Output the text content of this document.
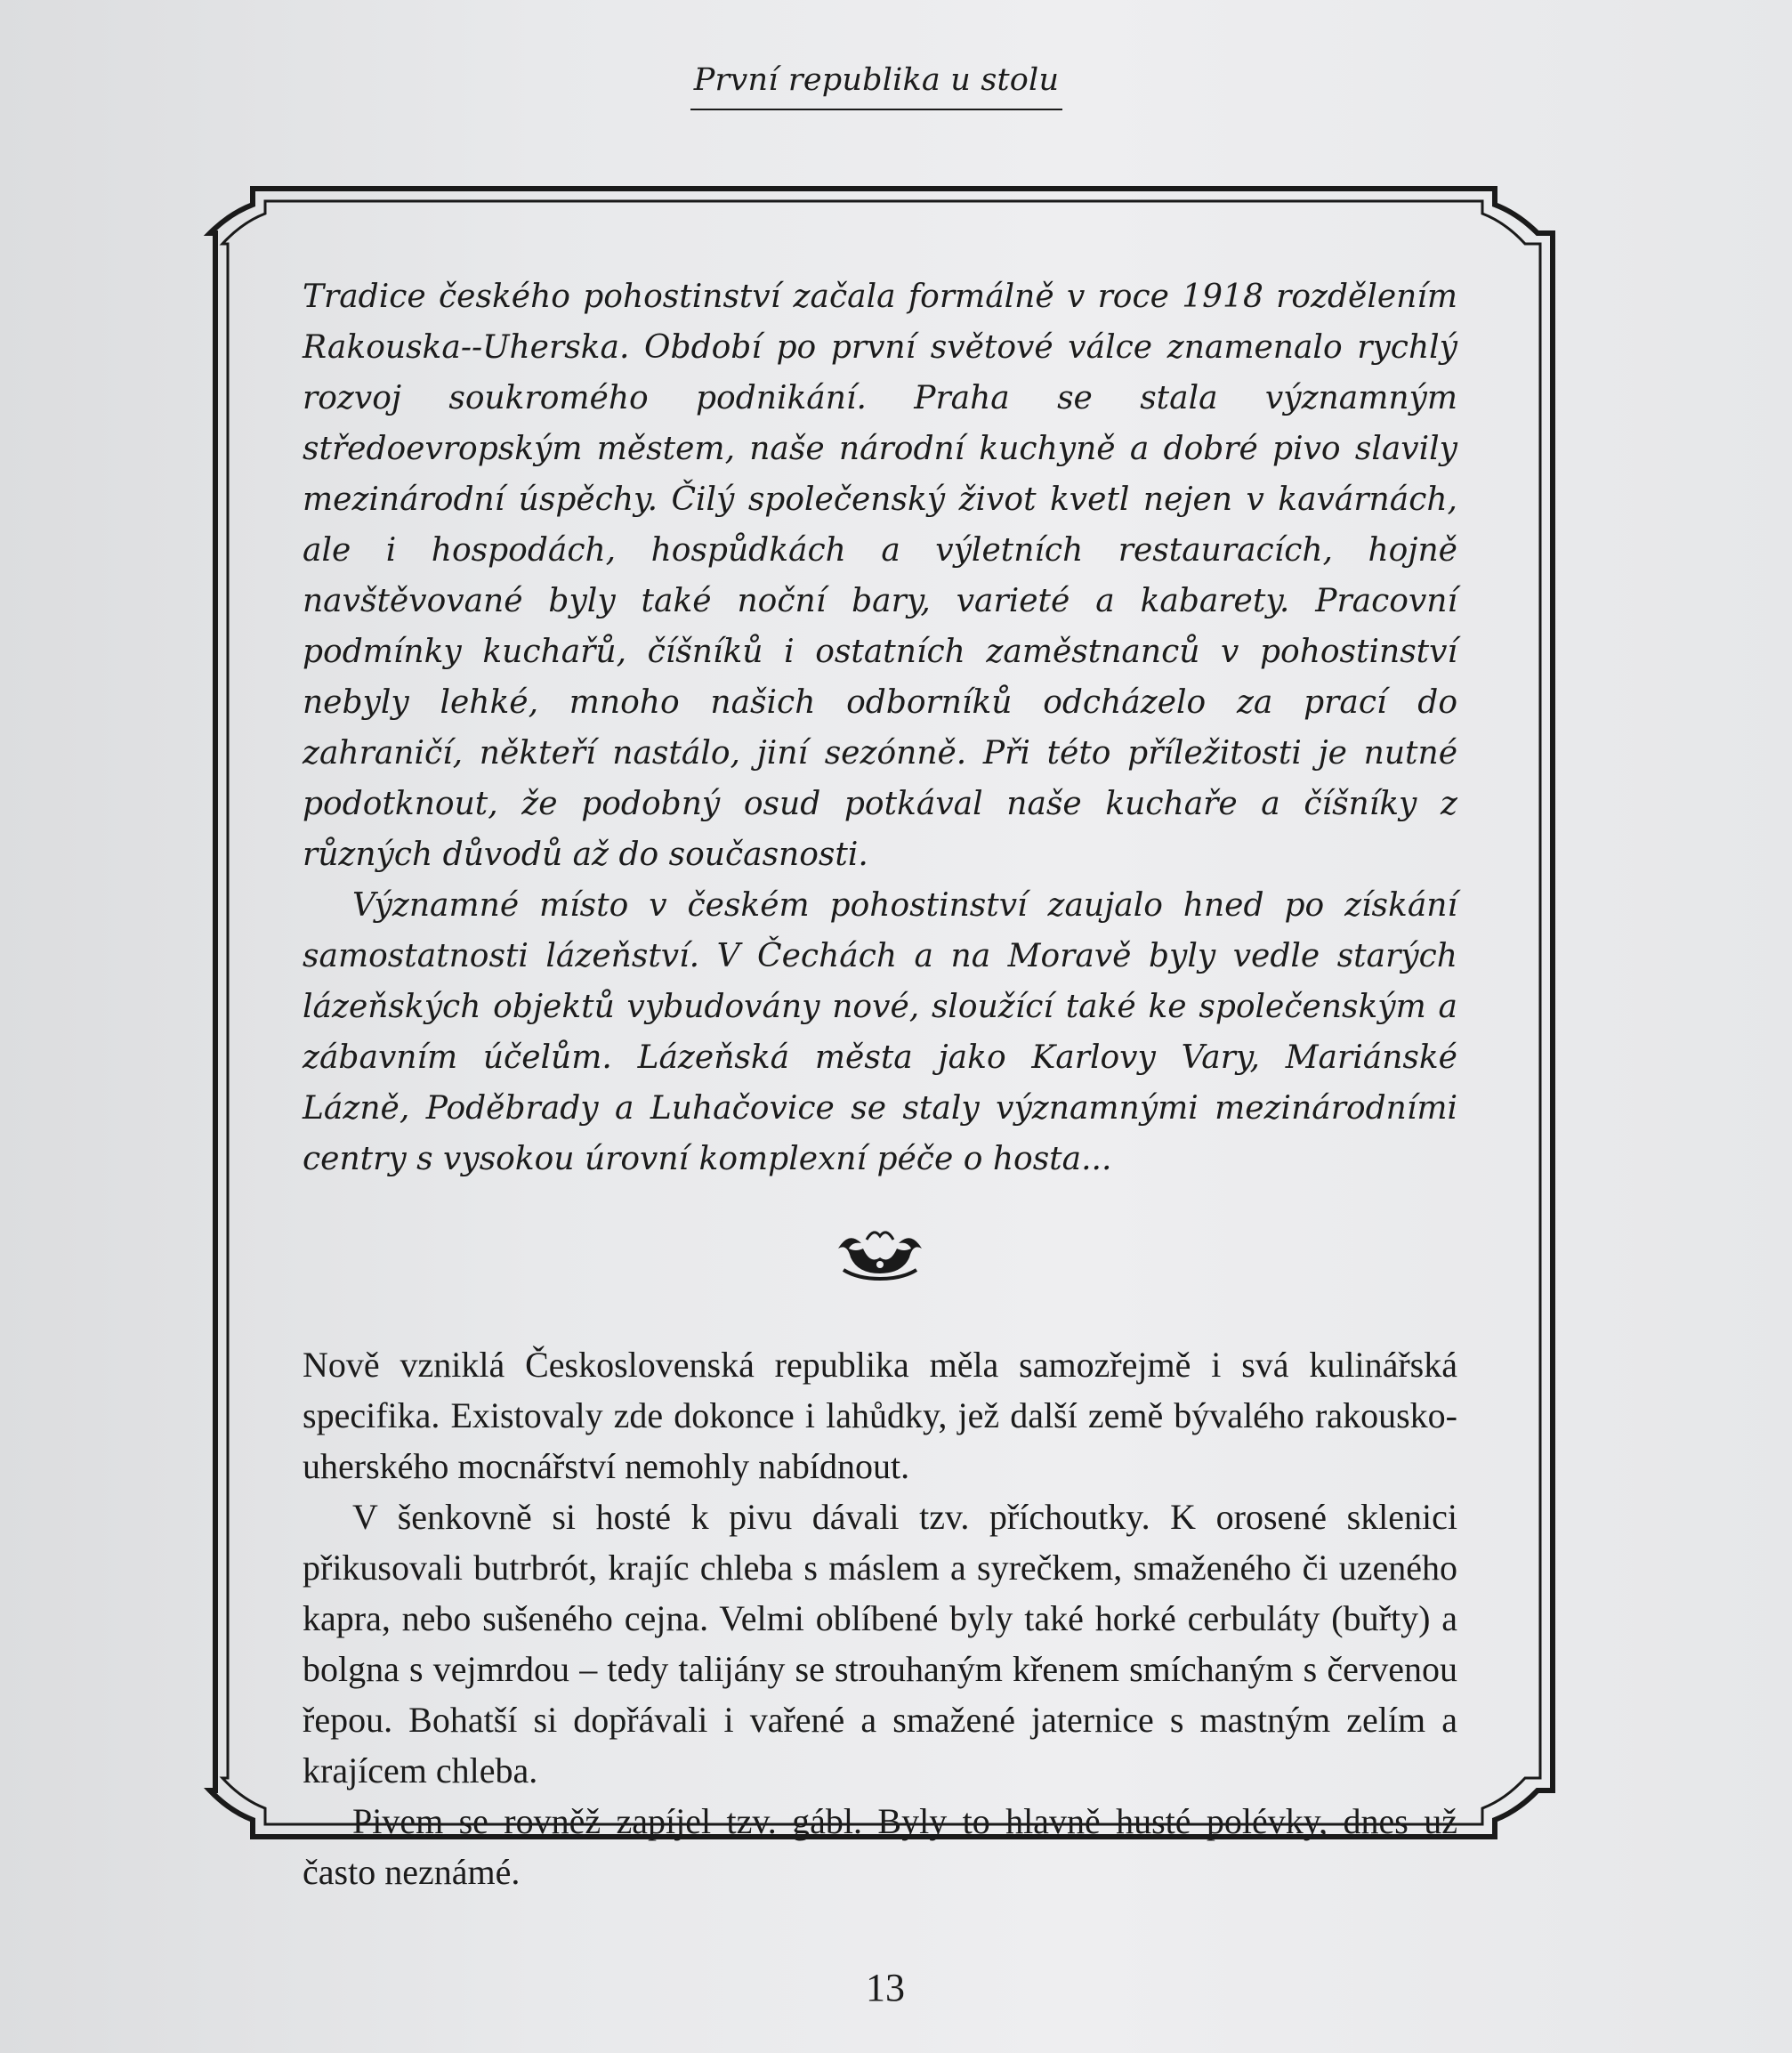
První republika u stolu

Tradice českého pohostinství začala formálně v roce 1918 rozdělením Rakouska--Uherska. Období po první světové válce znamenalo rychlý rozvoj soukromého podnikání. Praha se stala významným středoevropským městem, naše národní kuchyně a dobré pivo slavily mezinárodní úspěchy. Čilý společenský život kvetl nejen v kavárnách, ale i hospodách, hospůdkách a výletních restauracích, hojně navštěvované byly také noční bary, varieté a kabarety. Pracovní podmínky kuchařů, číšníků i ostatních zaměstnanců v pohostinství nebyly lehké, mnoho našich odborníků odcházelo za prací do zahraničí, někteří nastálo, jiní sezónně. Při této příležitosti je nutné podotknout, že podobný osud potkával naše kuchaře a číšníky z různých důvodů až do současnosti.

Významné místo v českém pohostinství zaujalo hned po získání samostatnosti lázeňství. V Čechách a na Moravě byly vedle starých lázeňských objektů vybudovány nové, sloužící také ke společenským a zábavním účelům. Lázeňská města jako Karlovy Vary, Mariánské Lázně, Poděbrady a Luhačovice se staly významnými mezinárodními centry s vysokou úrovní komplexní péče o hosta...

Nově vzniklá Československá republika měla samozřejmě i svá kulinářská specifika. Existovaly zde dokonce i lahůdky, jež další země bývalého rakousko-uherského mocnářství nemohly nabídnout.

V šenkovně si hosté k pivu dávali tzv. příchoutky. K orosené sklenici přikusovali butrbrót, krajíc chleba s máslem a syrečkem, smaženého či uzeného kapra, nebo sušeného cejna. Velmi oblíbené byly také horké cerbuláty (buřty) a bolgna s vejmrdou – tedy talijány se strouhaným křenem smíchaným s červenou řepou. Bohatší si dopřávali i vařené a smažené jaternice s mastným zelím a krajícem chleba.

Pivem se rovněž zapíjel tzv. gábl. Byly to hlavně husté polévky, dnes už často neznámé.

13
